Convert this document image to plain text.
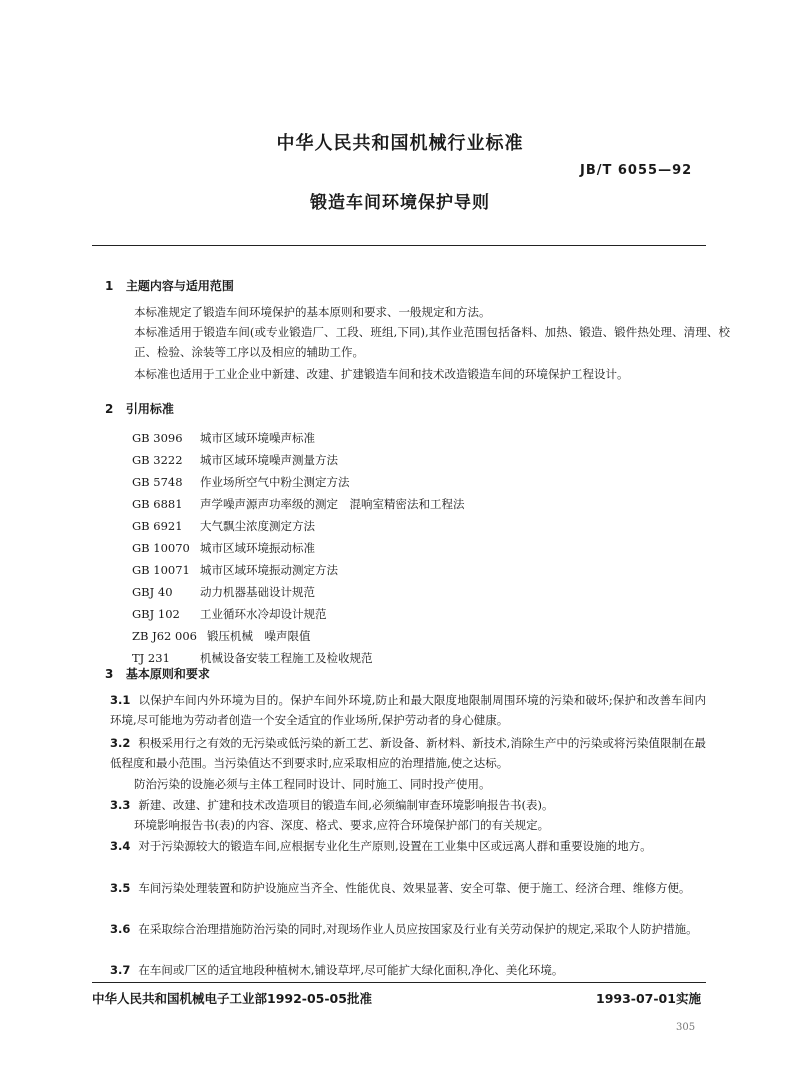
中华人民共和国机械行业标准
JB/T 6055—92
锻造车间环境保护导则
1 主题内容与适用范围
本标准规定了锻造车间环境保护的基本原则和要求、一般规定和方法。
本标准适用于锻造车间(或专业锻造厂、工段、班组,下同),其作业范围包括备料、加热、锻造、锻件热处理、清理、校正、检验、涂装等工序以及相应的辅助工作。
本标准也适用于工业企业中新建、改建、扩建锻造车间和技术改造锻造车间的环境保护工程设计。
2 引用标准
GB 3096 城市区域环境噪声标准
GB 3222 城市区域环境噪声测量方法
GB 5748 作业场所空气中粉尘测定方法
GB 6881 声学噪声源声功率级的测定　混响室精密法和工程法
GB 6921 大气飘尘浓度测定方法
GB 10070 城市区域环境振动标准
GB 10071 城市区域环境振动测定方法
GBJ 40 动力机器基础设计规范
GBJ 102 工业循环水冷却设计规范
ZB J62 006 锻压机械　噪声限值
TJ 231	机械设备安装工程施工及检收规范
3 基本原则和要求
3.1 以保护车间内外环境为目的。保护车间外环境,防止和最大限度地限制周围环境的污染和破坏;保护和改善车间内环境,尽可能地为劳动者创造一个安全适宜的作业场所,保护劳动者的身心健康。
3.2 积极采用行之有效的无污染或低污染的新工艺、新设备、新材料、新技术,消除生产中的污染或将污染值限制在最低程度和最小范围。当污染值达不到要求时,应采取相应的治理措施,使之达标。
防治污染的设施必须与主体工程同时设计、同时施工、同时投产使用。
3.3 新建、改建、扩建和技术改造项目的锻造车间,必须编制审查环境影响报告书(表)。
环境影响报告书(表)的内容、深度、格式、要求,应符合环境保护部门的有关规定。
3.4 对于污染源较大的锻造车间,应根据专业化生产原则,设置在工业集中区或远离人群和重要设施的地方。
3.5 车间污染处理装置和防护设施应当齐全、性能优良、效果显著、安全可靠、便于施工、经济合理、维修方便。
3.6 在采取综合治理措施防治污染的同时,对现场作业人员应按国家及行业有关劳动保护的规定,采取个人防护措施。
3.7 在车间或厂区的适宜地段种植树木,铺设草坪,尽可能扩大绿化面积,净化、美化环境。
中华人民共和国机械电子工业部1992-05-05批准	1993-07-01实施
305
